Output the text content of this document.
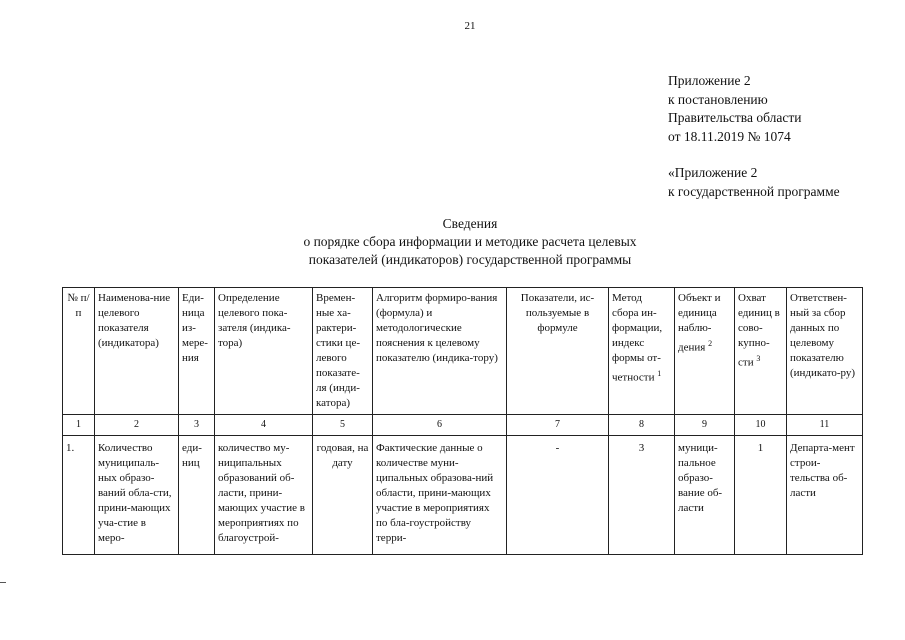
21
Приложение 2
к постановлению
Правительства области
от 18.11.2019 № 1074
«Приложение 2
к государственной программе
Сведения
о порядке сбора информации и методике расчета целевых
показателей (индикаторов) государственной программы
№ п/п	Наименова-ние целевого показателя (индикатора)	Еди-ница из-мере-ния	Определение целевого пока-зателя (индика-тора)	Времен-ные ха-рактери-стики це-левого показате-ля (инди-катора)	Алгоритм формиро-вания (формула) и методологические пояснения к целевому показателю (индика-тору)	Показатели, ис-пользуемые в формуле	Метод сбора ин-формации, индекс формы от-четности $^1$	Объект и единица наблю-дения $^2$	Охват единиц в сово-купно-сти $^3$	Ответствен-ный за сбор данных по целевому показателю (индикато-ру)
1	2	3	4	5	6	7	8	9	10	11
1.	Количество муниципаль-ных образо-ваний обла-сти, прини-мающих уча-стие в меро-	еди-ниц	количество му-ниципальных образований об-ласти, прини-мающих участие в мероприятиях по благоустрой-	годовая, на дату	Фактические данные о количестве муни-ципальных образова-ний области, прини-мающих участие в мероприятиях по бла-гоустройству терри-	-	3	муници-пальное образо-вание об-ласти	1	Департа-мент строи-тельства об-ласти
